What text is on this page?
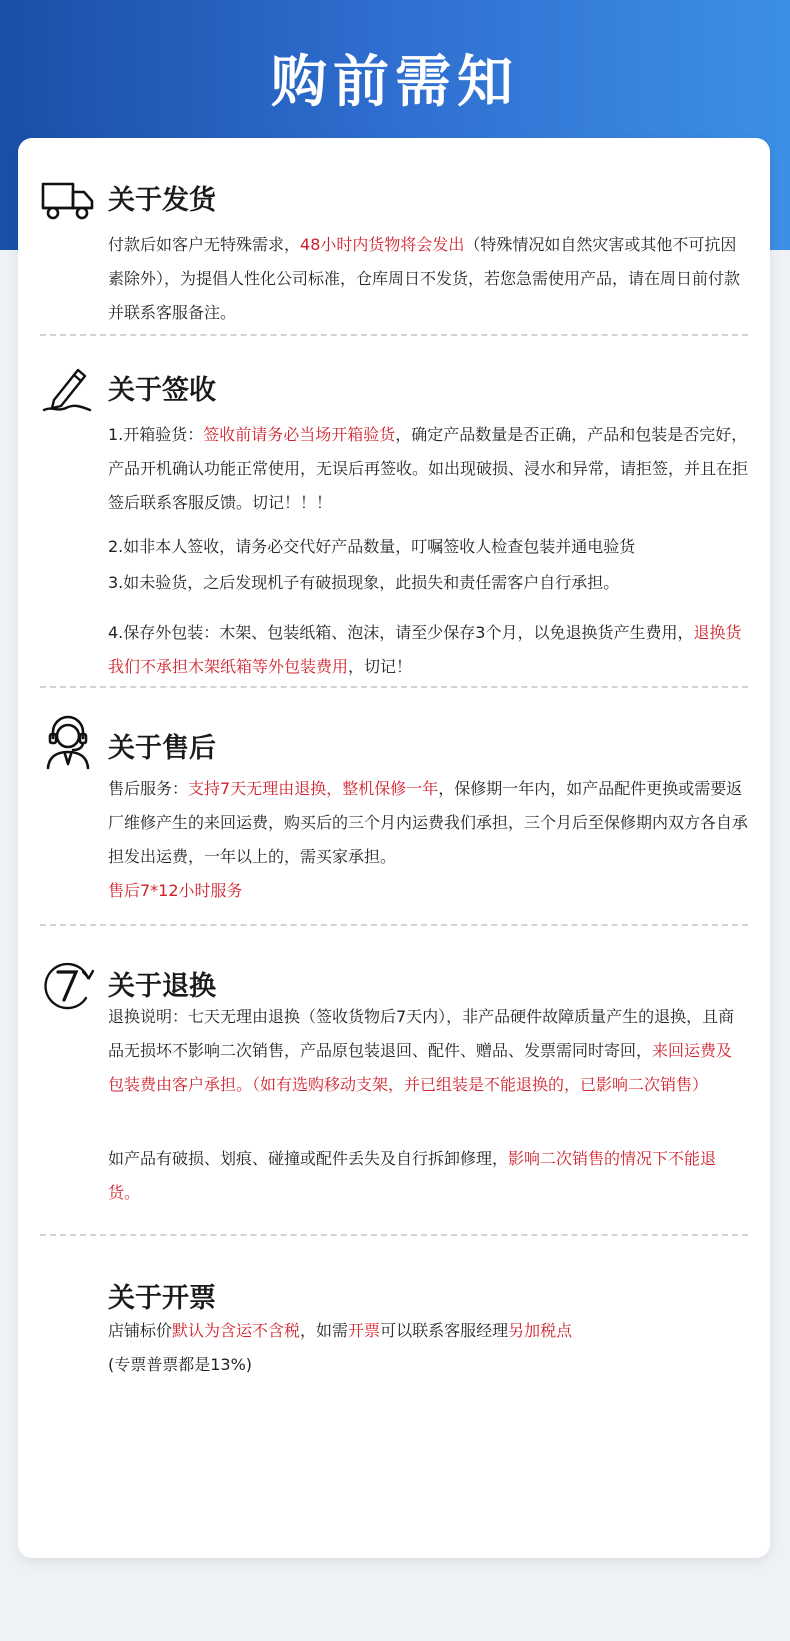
购前需知
关于发货
付款后如客户无特殊需求，48小时内货物将会发出（特殊情况如自然灾害或其他不可抗因素除外），为提倡人性化公司标准，仓库周日不发货，若您急需使用产品，请在周日前付款并联系客服备注。
关于签收
1.开箱验货：签收前请务必当场开箱验货，确定产品数量是否正确，产品和包装是否完好，产品开机确认功能正常使用，无误后再签收。如出现破损、浸水和异常，请拒签，并且在拒签后联系客服反馈。切记！！！
2.如非本人签收，请务必交代好产品数量，叮嘱签收人检查包装并通电验货
3.如未验货，之后发现机子有破损现象，此损失和责任需客户自行承担。
4.保存外包装：木架、包装纸箱、泡沫，请至少保存3个月，以免退换货产生费用，退换货我们不承担木架纸箱等外包装费用，切记！
关于售后
售后服务：支持7天无理由退换，整机保修一年，保修期一年内，如产品配件更换或需要返厂维修产生的来回运费，购买后的三个月内运费我们承担，三个月后至保修期内双方各自承担发出运费，一年以上的，需买家承担。
售后7*12小时服务
关于退换
退换说明：七天无理由退换（签收货物后7天内），非产品硬件故障质量产生的退换，且商品无损坏不影响二次销售，产品原包装退回、配件、赠品、发票需同时寄回，来回运费及包装费由客户承担。（如有选购移动支架，并已组装是不能退换的，已影响二次销售）
如产品有破损、划痕、碰撞或配件丢失及自行拆卸修理，影响二次销售的情况下不能退货。
关于开票
店铺标价默认为含运不含税，如需开票可以联系客服经理另加税点
(专票普票都是13%)
